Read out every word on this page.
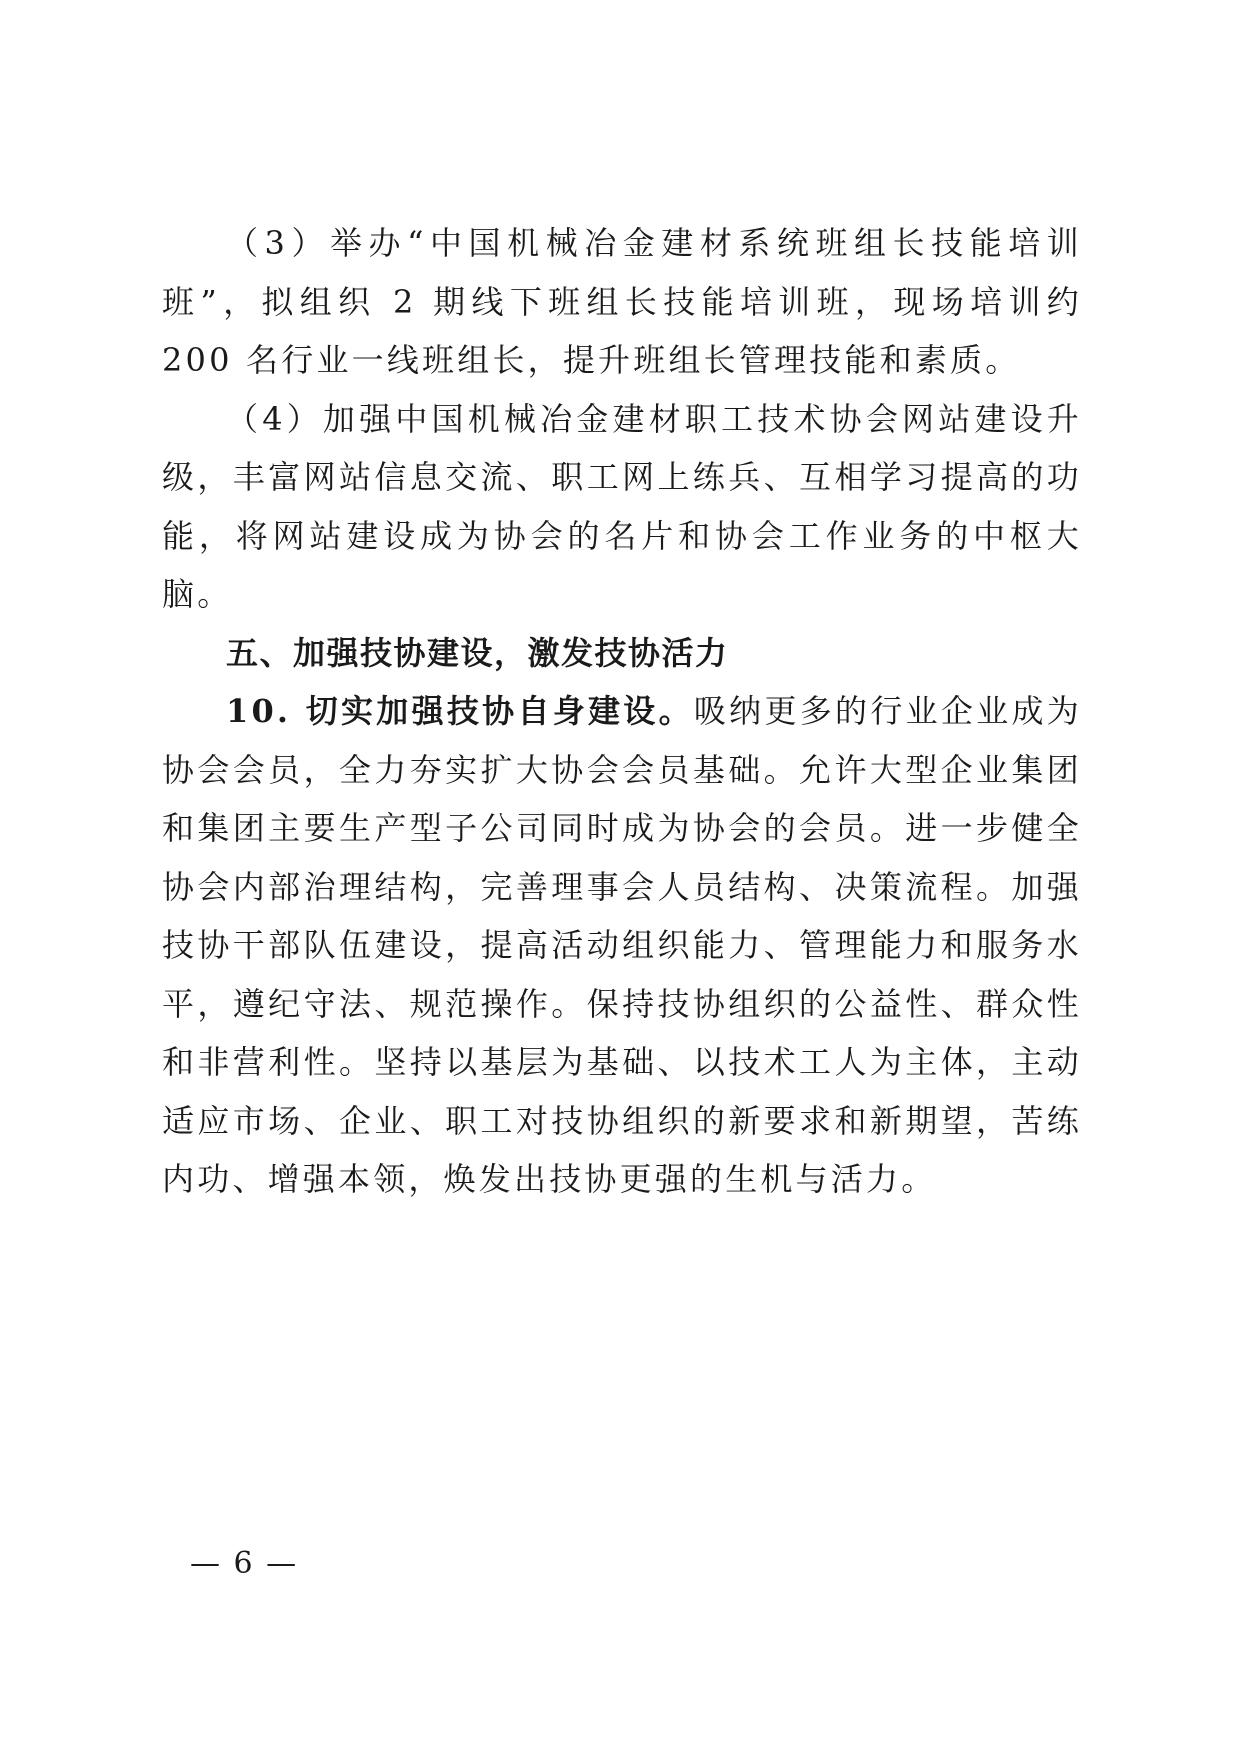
（3）举办“中国机械冶金建材系统班组长技能培训班”，拟组织 2 期线下班组长技能培训班，现场培训约 200 名行业一线班组长，提升班组长管理技能和素质。

（4）加强中国机械冶金建材职工技术协会网站建设升级，丰富网站信息交流、职工网上练兵、互相学习提高的功能，将网站建设成为协会的名片和协会工作业务的中枢大脑。

五、加强技协建设，激发技协活力

10. 切实加强技协自身建设。吸纳更多的行业企业成为协会会员，全力夯实扩大协会会员基础。允许大型企业集团和集团主要生产型子公司同时成为协会的会员。进一步健全协会内部治理结构，完善理事会人员结构、决策流程。加强技协干部队伍建设，提高活动组织能力、管理能力和服务水平，遵纪守法、规范操作。保持技协组织的公益性、群众性和非营利性。坚持以基层为基础、以技术工人为主体，主动适应市场、企业、职工对技协组织的新要求和新期望，苦练内功、增强本领，焕发出技协更强的生机与活力。

— 6 —
